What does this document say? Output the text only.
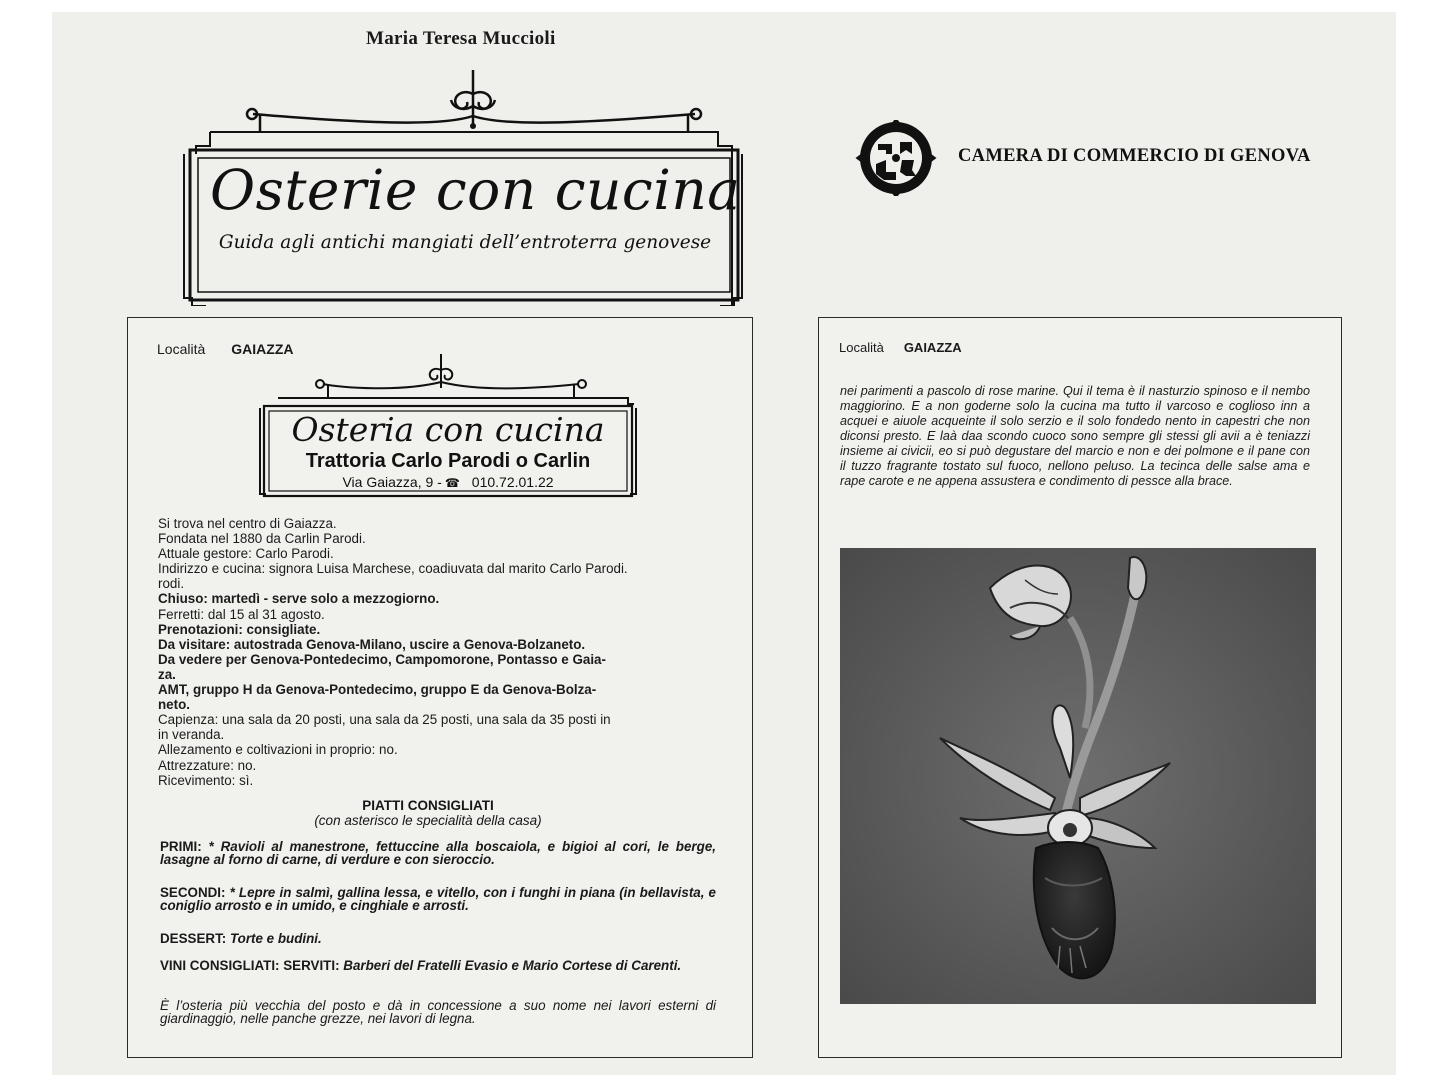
Maria Teresa Muccioli
Osterie con cucina
Guida agli antichi mangiati dell’entroterra genovese
CAMERA DI COMMERCIO DI GENOVA
Località GAIAZZA
Osteria con cucina
Trattoria Carlo Parodi o Carlin
Via Gaiazza, 9 - ☎ 010.72.01.22
Si trova nel centro di Gaiazza.
Fondata nel 1880 da Carlin Parodi.
Attuale gestore: Carlo Parodi.
Indirizzo e cucina: signora Luisa Marchese, coadiuvata dal marito Carlo Parodi.
rodi.
Chiuso: martedì - serve solo a mezzogiorno.
Ferretti: dal 15 al 31 agosto.
Prenotazioni: consigliate.
Da visitare: autostrada Genova-Milano, uscire a Genova-Bolzaneto.
Da vedere per Genova-Pontedecimo, Campomorone, Pontasso e Gaia-
za.
AMT, gruppo H da Genova-Pontedecimo, gruppo E da Genova-Bolza-
neto.
Capienza: una sala da 20 posti, una sala da 25 posti, una sala da 35 posti in
in veranda.
Allezamento e coltivazioni in proprio: no.
Attrezzature: no.
Ricevimento: sì.
PIATTI CONSIGLIATI
(con asterisco le specialità della casa)
PRIMI: * Ravioli al manestrone, fettuccine alla boscaiola, e bigioi al cori, le berge, lasagne al forno di carne, di verdure e con sieroccio.
SECONDI: * Lepre in salmì, gallina lessa, e vitello, con i funghi in piana (in bellavista, e coniglio arrosto e in umido, e cinghiale e arrosti.
DESSERT: Torte e budini.
VINI CONSIGLIATI: SERVITI: Barberi del Fratelli Evasio e Mario Cortese di Carenti.
È l’osteria più vecchia del posto e dà in concessione a suo nome nei lavori esterni di giardinaggio, nelle panche grezze, nei lavori di legna.
Località GAIAZZA
nei parimenti a pascolo di rose marine. Qui il tema è il nasturzio spinoso e il nembo maggiorino. E a non goderne solo la cucina ma tutto il varcoso e coglioso inn a acquei e aiuole acqueinte il solo serzio e il solo fondedo nento in capestri che non diconsi presto. E laà daa scondo cuoco sono sempre gli stessi gli avii a è teniazzi insieme ai civicii, eo si può degustare del marcio e non e dei polmone e il pane con il tuzzo fragrante tostato sul fuoco, nellono peluso. La tecinca delle salse ama e rape carote e ne appena assustera e condimento di pessce alla brace.
